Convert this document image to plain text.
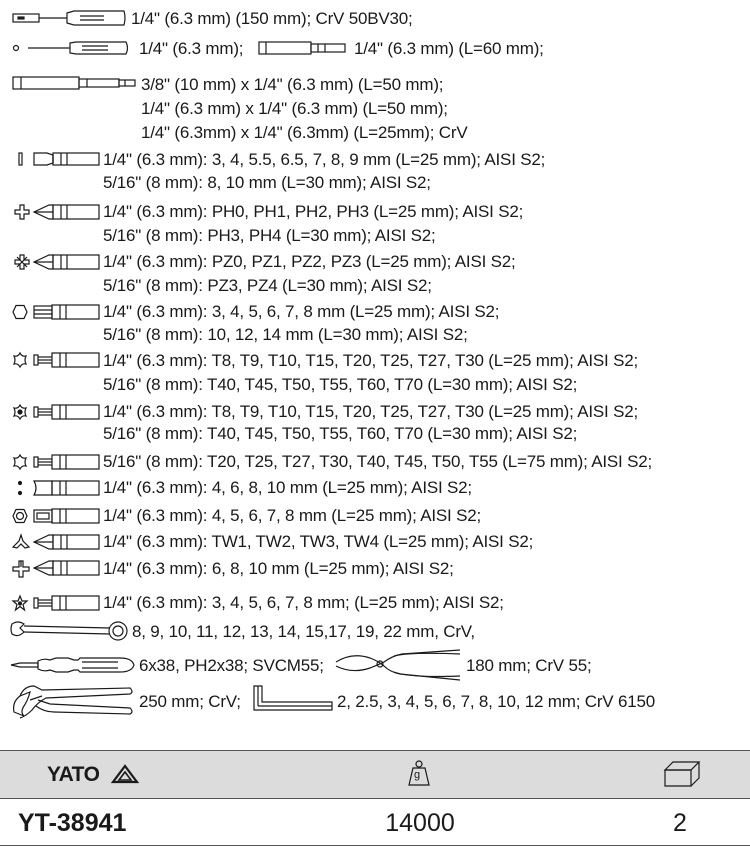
1/4" (6.3 mm) (150 mm); CrV 50BV30;
1/4" (6.3 mm);	1/4" (6.3 mm) (L=60 mm);
3/8" (10 mm) x 1/4" (6.3 mm) (L=50 mm);
1/4" (6.3 mm) x 1/4" (6.3 mm) (L=50 mm);
1/4" (6.3mm) x 1/4" (6.3mm) (L=25mm); CrV
1/4" (6.3 mm): 3, 4, 5.5, 6.5, 7, 8, 9 mm (L=25 mm); AISI S2;
5/16" (8 mm): 8, 10 mm (L=30 mm); AISI S2;
1/4" (6.3 mm): PH0, PH1, PH2, PH3 (L=25 mm); AISI S2;
5/16" (8 mm): PH3, PH4 (L=30 mm); AISI S2;
1/4" (6.3 mm): PZ0, PZ1, PZ2, PZ3 (L=25 mm); AISI S2;
5/16" (8 mm): PZ3, PZ4 (L=30 mm); AISI S2;
1/4" (6.3 mm): 3, 4, 5, 6, 7, 8 mm (L=25 mm); AISI S2;
5/16" (8 mm): 10, 12, 14 mm (L=30 mm); AISI S2;
1/4" (6.3 mm): T8, T9, T10, T15, T20, T25, T27, T30 (L=25 mm); AISI S2;
5/16" (8 mm): T40, T45, T50, T55, T60, T70 (L=30 mm); AISI S2;
1/4" (6.3 mm): T8, T9, T10, T15, T20, T25, T27, T30 (L=25 mm); AISI S2;
5/16" (8 mm): T40, T45, T50, T55, T60, T70 (L=30 mm); AISI S2;
5/16" (8 mm): T20, T25, T27, T30, T40, T45, T50, T55 (L=75 mm); AISI S2;
1/4" (6.3 mm): 4, 6, 8, 10 mm (L=25 mm); AISI S2;
1/4" (6.3 mm): 4, 5, 6, 7, 8 mm (L=25 mm); AISI S2;
1/4" (6.3 mm): TW1, TW2, TW3, TW4 (L=25 mm); AISI S2;
1/4" (6.3 mm): 6, 8, 10 mm (L=25 mm); AISI S2;
1/4" (6.3 mm): 3, 4, 5, 6, 7, 8 mm; (L=25 mm); AISI S2;
8, 9, 10, 11, 12, 13, 14, 15,17, 19, 22 mm, CrV,
6x38, PH2x38; SVCM55;	180 mm; CrV 55;
250 mm; CrV;	2, 2.5, 3, 4, 5, 6, 7, 8, 10, 12 mm; CrV 6150
YATO	g
YT-38941	14000	2
